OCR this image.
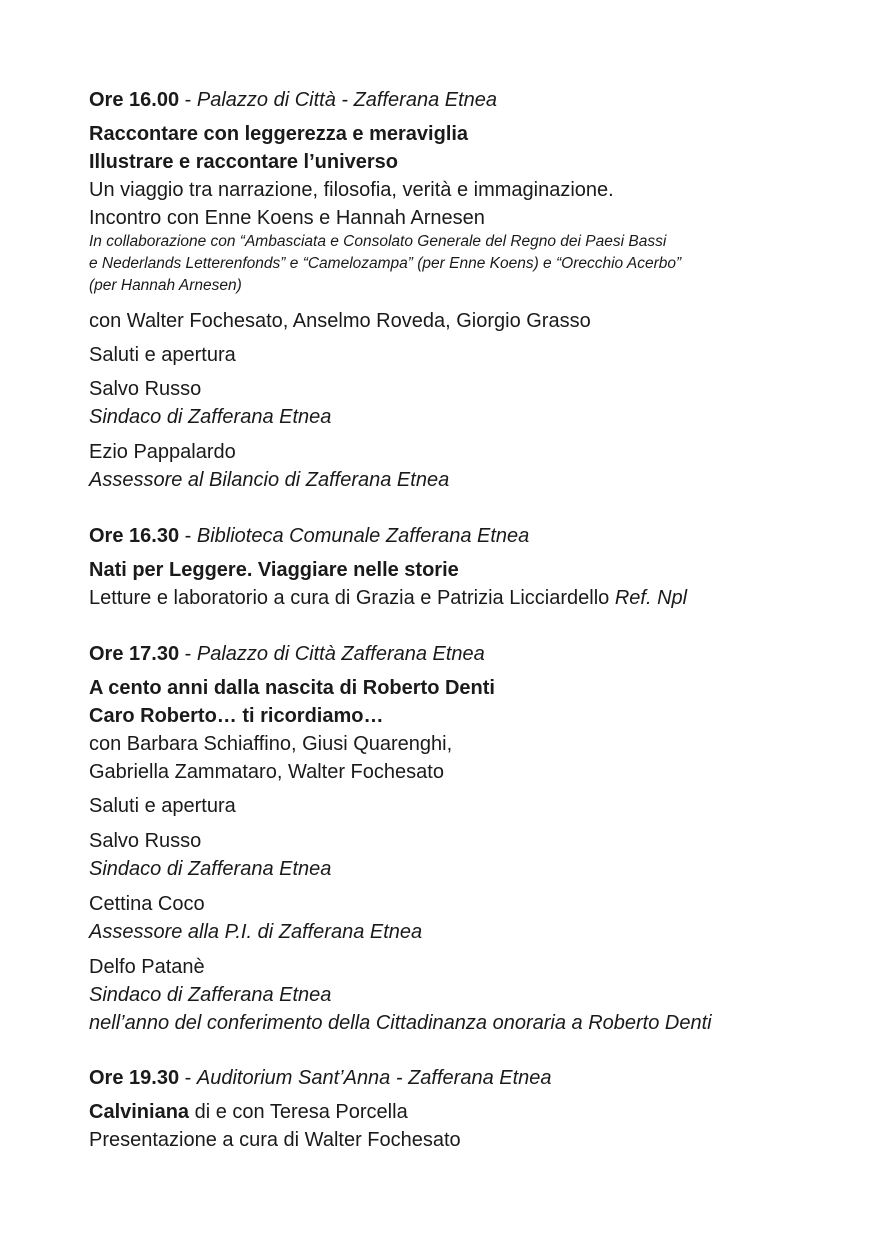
Ore 16.00 - Palazzo di Città - Zafferana Etnea
Raccontare con leggerezza e meraviglia
Illustrare e raccontare l’universo
Un viaggio tra narrazione, filosofia, verità e immaginazione.
Incontro con Enne Koens e Hannah Arnesen
In collaborazione con “Ambasciata e Consolato Generale del Regno dei Paesi Bassi
e Nederlands Letterenfonds” e “Camelozampa” (per Enne Koens) e “Orecchio Acerbo”
(per Hannah Arnesen)
con Walter Fochesato, Anselmo Roveda, Giorgio Grasso
Saluti e apertura
Salvo Russo
Sindaco di Zafferana Etnea
Ezio Pappalardo
Assessore al Bilancio di Zafferana Etnea
Ore 16.30 - Biblioteca Comunale Zafferana Etnea
Nati per Leggere. Viaggiare nelle storie
Letture e laboratorio a cura di Grazia e Patrizia Licciardello Ref. Npl
Ore 17.30 - Palazzo di Città Zafferana Etnea
A cento anni dalla nascita di Roberto Denti
Caro Roberto… ti ricordiamo…
con Barbara Schiaffino, Giusi Quarenghi,
Gabriella Zammataro, Walter Fochesato
Saluti e apertura
Salvo Russo
Sindaco di Zafferana Etnea
Cettina Coco
Assessore alla P.I. di Zafferana Etnea
Delfo Patanè
Sindaco di Zafferana Etnea
nell’anno del conferimento della Cittadinanza onoraria a Roberto Denti
Ore 19.30 - Auditorium Sant’Anna - Zafferana Etnea
Calviniana di e con Teresa Porcella
Presentazione a cura di Walter Fochesato
